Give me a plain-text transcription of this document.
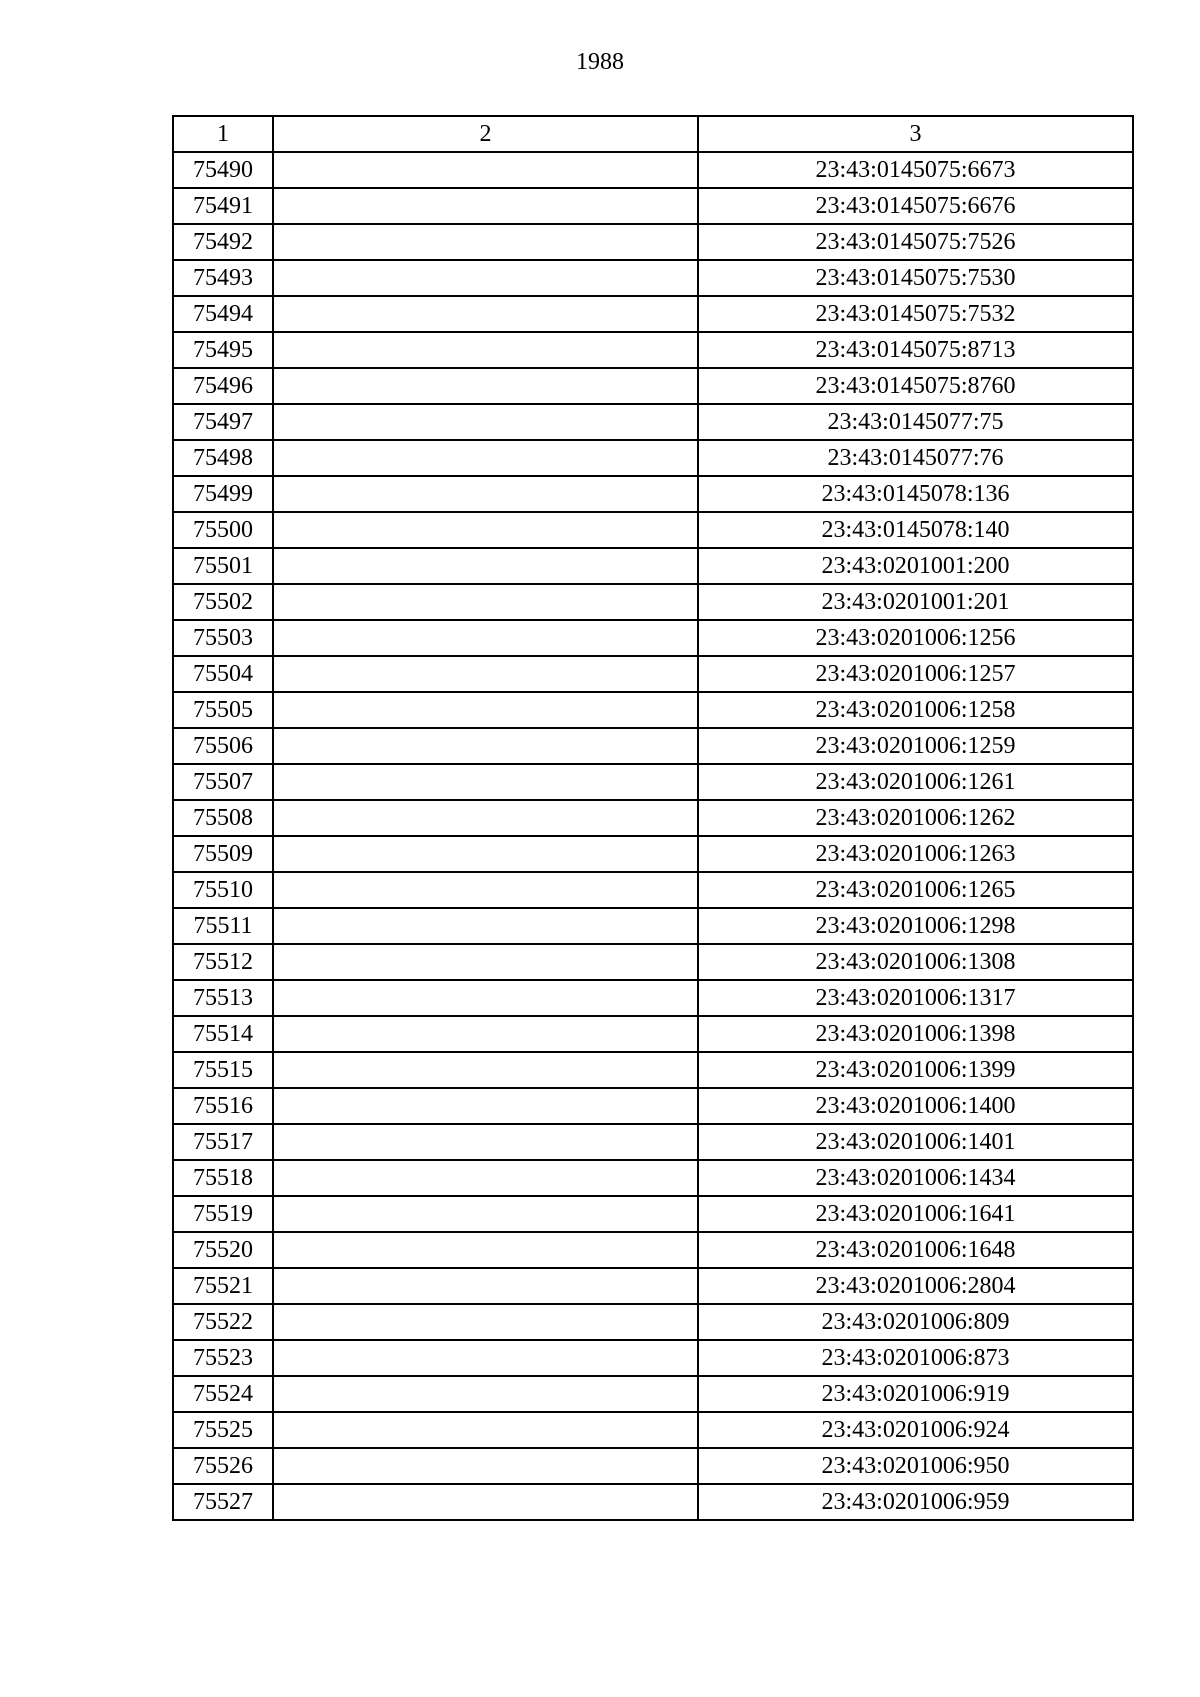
1988
1	2	3
75490		23:43:0145075:6673
75491		23:43:0145075:6676
75492		23:43:0145075:7526
75493		23:43:0145075:7530
75494		23:43:0145075:7532
75495		23:43:0145075:8713
75496		23:43:0145075:8760
75497		23:43:0145077:75
75498		23:43:0145077:76
75499		23:43:0145078:136
75500		23:43:0145078:140
75501		23:43:0201001:200
75502		23:43:0201001:201
75503		23:43:0201006:1256
75504		23:43:0201006:1257
75505		23:43:0201006:1258
75506		23:43:0201006:1259
75507		23:43:0201006:1261
75508		23:43:0201006:1262
75509		23:43:0201006:1263
75510		23:43:0201006:1265
75511		23:43:0201006:1298
75512		23:43:0201006:1308
75513		23:43:0201006:1317
75514		23:43:0201006:1398
75515		23:43:0201006:1399
75516		23:43:0201006:1400
75517		23:43:0201006:1401
75518		23:43:0201006:1434
75519		23:43:0201006:1641
75520		23:43:0201006:1648
75521		23:43:0201006:2804
75522		23:43:0201006:809
75523		23:43:0201006:873
75524		23:43:0201006:919
75525		23:43:0201006:924
75526		23:43:0201006:950
75527		23:43:0201006:959
